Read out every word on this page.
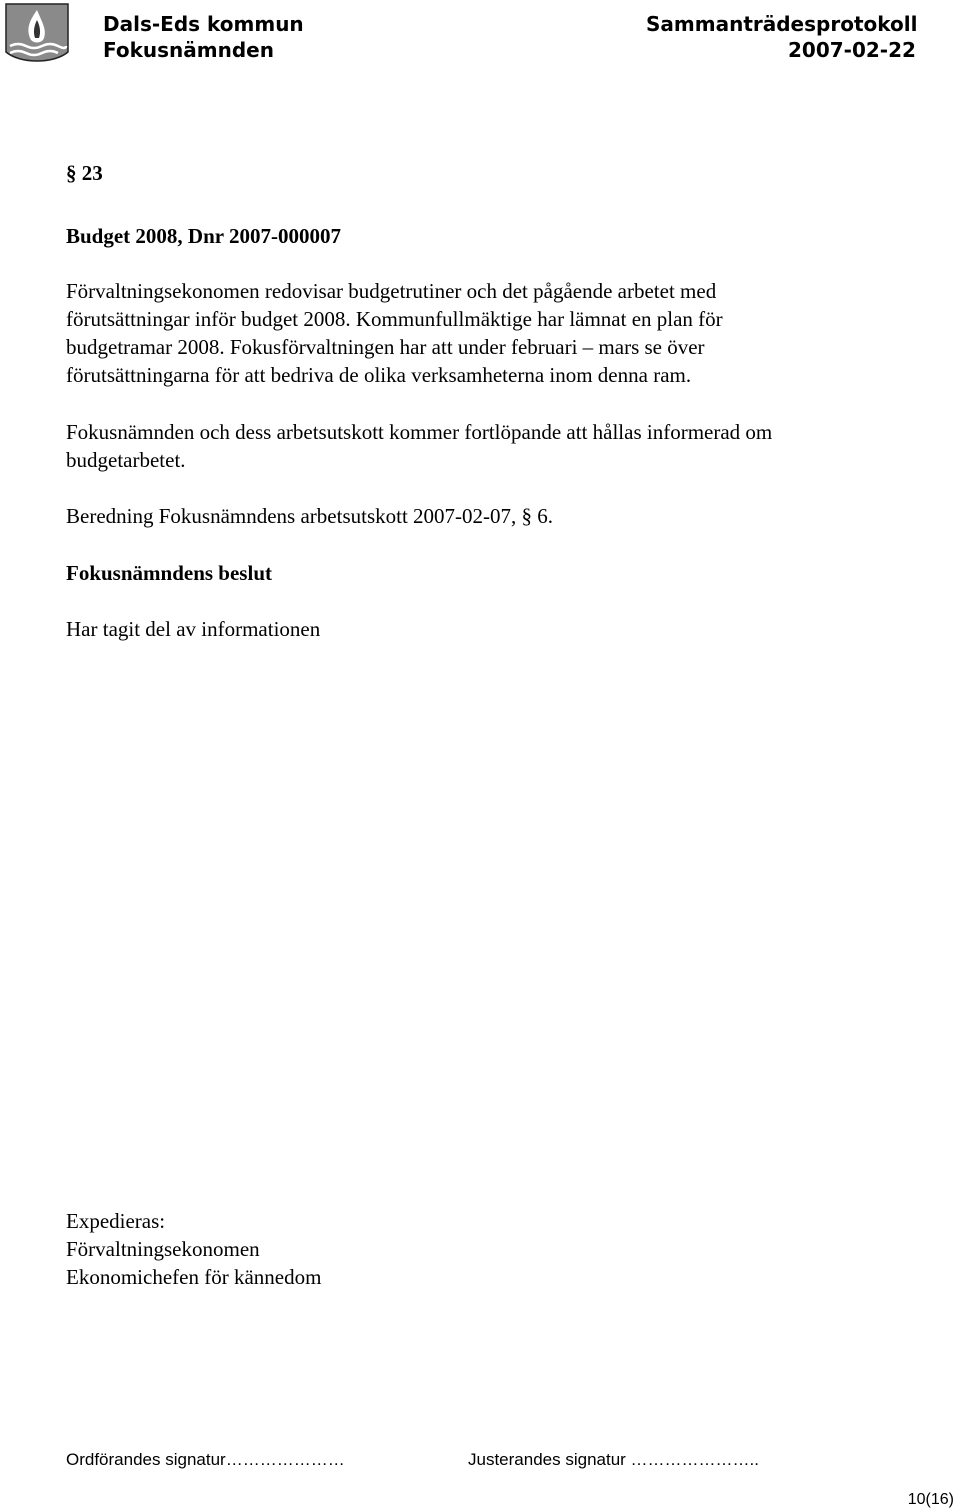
Dals-Eds kommun
Fokusnämnden
Sammanträdesprotokoll
2007-02-22
§ 23
Budget 2008, Dnr 2007-000007
Förvaltningsekonomen redovisar budgetrutiner och det pågående arbetet med
förutsättningar inför budget 2008. Kommunfullmäktige har lämnat en plan för
budgetramar 2008. Fokusförvaltningen har att under februari – mars se över
förutsättningarna för att bedriva de olika verksamheterna inom denna ram.
Fokusnämnden och dess arbetsutskott kommer fortlöpande att hållas informerad om
budgetarbetet.
Beredning Fokusnämndens arbetsutskott 2007-02-07, § 6.
Fokusnämndens beslut
Har tagit del av informationen
Expedieras:
Förvaltningsekonomen
Ekonomichefen för kännedom
Ordförandes signatur…………………	Justerandes signatur …………………..
10(16)
